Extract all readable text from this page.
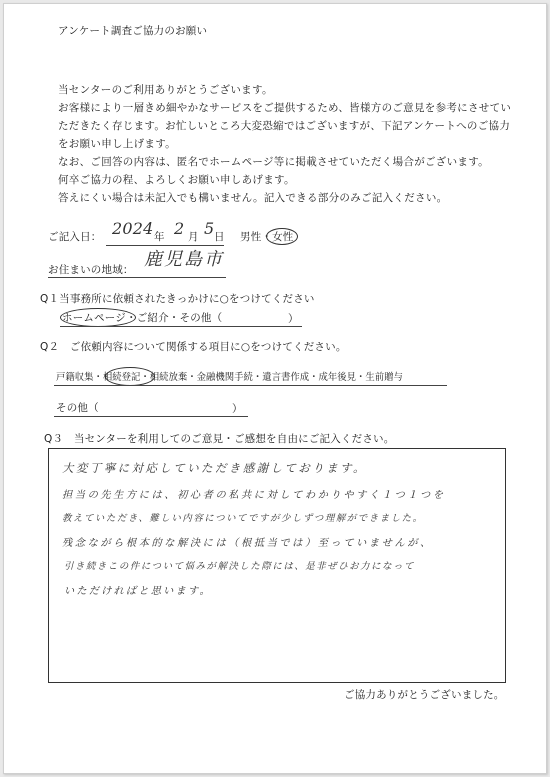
アンケート調査ご協力のお願い
当センターのご利用ありがとうございます。
お客様により一層きめ細やかなサービスをご提供するため、皆様方のご意見を参考にさせてい
ただきたく存じます。お忙しいところ大変恐縮ではございますが、下記アンケートへのご協力
をお願い申し上げます。
なお、ご回答の内容は、匿名でホームページ等に掲載させていただく場合がございます。
何卒ご協力の程、よろしくお願い申しあげます。
答えにくい場合は未記入でも構いません。記入できる部分のみご記入ください。
ご記入日： 2024 年 2 月 5 日 男性・女性
お住まいの地域： 鹿児島市
Q１当事務所に依頼されたきっかけに○をつけてください
ホームページ・ご紹介・その他（	）
Q２　ご依頼内容について関係する項目に○をつけてください。
戸籍収集・相続登記・相続放棄・金融機関手続・遺言書作成・成年後見・生前贈与
その他（	）
Q３　当センターを利用してのご意見・ご感想を自由にご記入ください。
大変丁寧に対応していただき感謝しております。
担当の先生方には、初心者の私共に対してわかりやすく１つ１つを
教えていただき、難しい内容についてですが少しずつ理解ができました。
残念ながら根本的な解決には（根抵当では）至っていませんが、
引き続きこの件について悩みが解決した際には、是非ぜひお力になって
いただければと思います。
ご協力ありがとうございました。
